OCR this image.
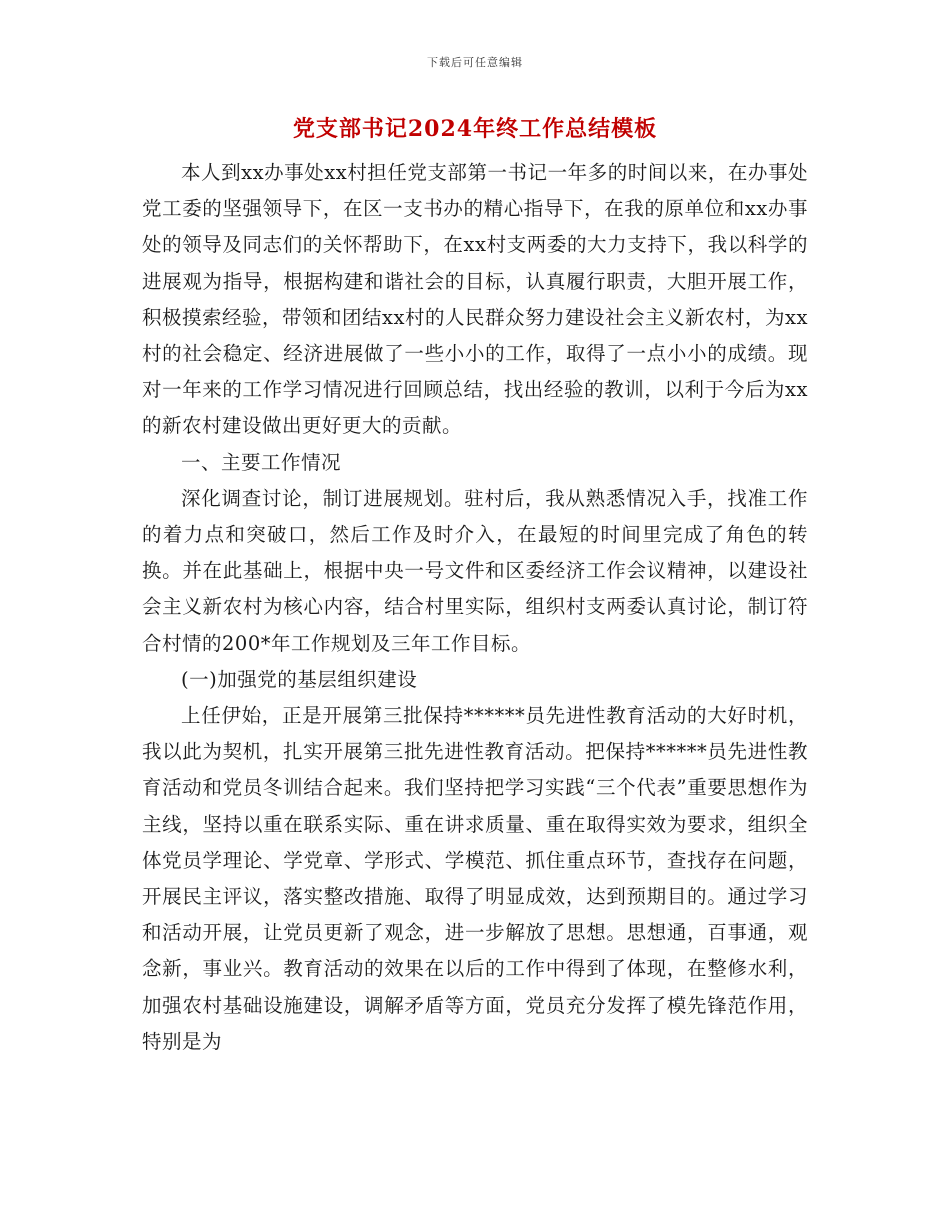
下载后可任意编辑
党支部书记2024年终工作总结模板

本人到xx办事处xx村担任党支部第一书记一年多的时间以来，在办事处党工委的坚强领导下，在区一支书办的精心指导下，在我的原单位和xx办事处的领导及同志们的关怀帮助下，在xx村支两委的大力支持下，我以科学的进展观为指导，根据构建和谐社会的目标，认真履行职责，大胆开展工作，积极摸索经验，带领和团结xx村的人民群众努力建设社会主义新农村，为xx村的社会稳定、经济进展做了一些小小的工作，取得了一点小小的成绩。现对一年来的工作学习情况进行回顾总结，找出经验的教训，以利于今后为xx的新农村建设做出更好更大的贡献。

一、主要工作情况

深化调查讨论，制订进展规划。驻村后，我从熟悉情况入手，找准工作的着力点和突破口，然后工作及时介入，在最短的时间里完成了角色的转换。并在此基础上，根据中央一号文件和区委经济工作会议精神，以建设社会主义新农村为核心内容，结合村里实际，组织村支两委认真讨论，制订符合村情的200*年工作规划及三年工作目标。

(一)加强党的基层组织建设

上任伊始，正是开展第三批保持******员先进性教育活动的大好时机，我以此为契机，扎实开展第三批先进性教育活动。把保持******员先进性教育活动和党员冬训结合起来。我们坚持把学习实践“三个代表”重要思想作为主线，坚持以重在联系实际、重在讲求质量、重在取得实效为要求，组织全体党员学理论、学党章、学形式、学模范、抓住重点环节，查找存在问题，开展民主评议，落实整改措施、取得了明显成效，达到预期目的。通过学习和活动开展，让党员更新了观念，进一步解放了思想。思想通，百事通，观念新，事业兴。教育活动的效果在以后的工作中得到了体现，在整修水利，加强农村基础设施建设，调解矛盾等方面，党员充分发挥了模先锋范作用，特别是为
